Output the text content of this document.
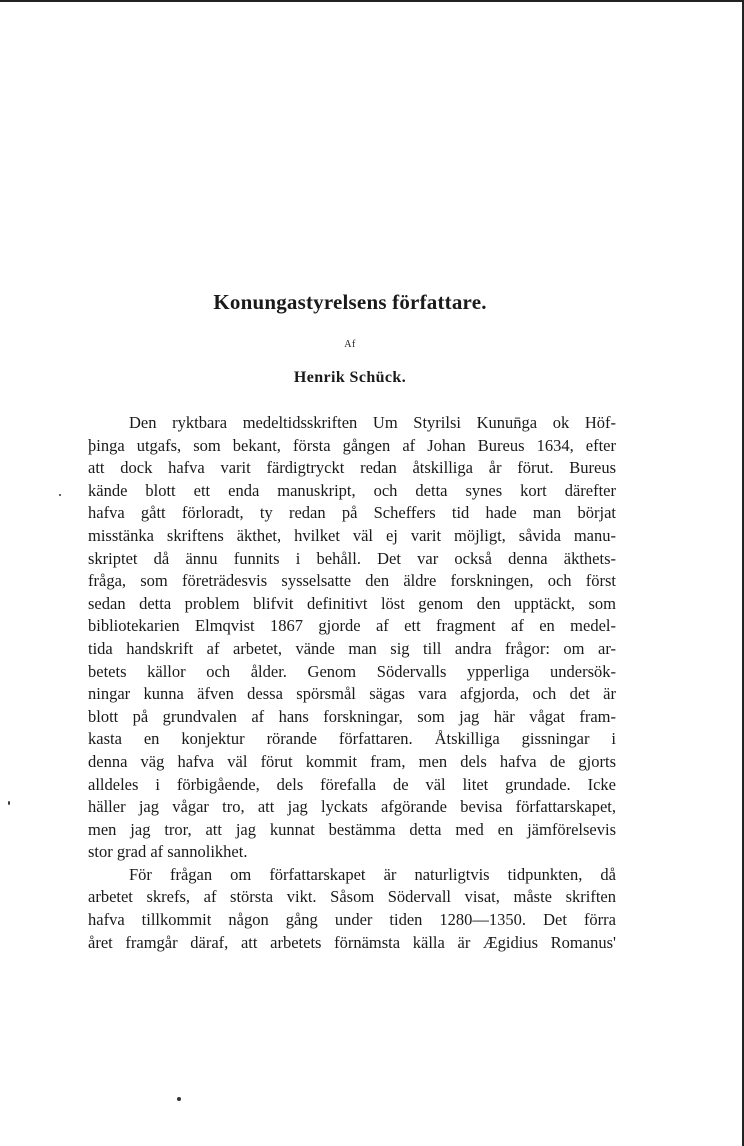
Konungastyrelsens författare.
Af
Henrik Schück.
Den ryktbara medeltidsskriften Um Styrilsi Kunun̄ga ok Höf-
þinga utgafs, som bekant, första gången af Johan Bureus 1634, efter
att dock hafva varit färdigtryckt redan åtskilliga år förut. Bureus
kände blott ett enda manuskript, och detta synes kort därefter
hafva gått förloradt, ty redan på Scheffers tid hade man börjat
misstänka skriftens äkthet, hvilket väl ej varit möjligt, såvida manu-
skriptet då ännu funnits i behåll. Det var också denna äkthets-
fråga, som företrädesvis sysselsatte den äldre forskningen, och först
sedan detta problem blifvit definitivt löst genom den upptäckt, som
bibliotekarien Elmqvist 1867 gjorde af ett fragment af en medel-
tida handskrift af arbetet, vände man sig till andra frågor: om ar-
betets källor och ålder. Genom Södervalls ypperliga undersök-
ningar kunna äfven dessa spörsmål sägas vara afgjorda, och det är
blott på grundvalen af hans forskningar, som jag här vågat fram-
kasta en konjektur rörande författaren. Åtskilliga gissningar i
denna väg hafva väl förut kommit fram, men dels hafva de gjorts
alldeles i förbigående, dels förefalla de väl litet grundade. Icke
häller jag vågar tro, att jag lyckats afgörande bevisa författarskapet,
men jag tror, att jag kunnat bestämma detta med en jämförelsevis
stor grad af sannolikhet.
För frågan om författarskapet är naturligtvis tidpunkten, då
arbetet skrefs, af största vikt. Såsom Södervall visat, måste skriften
hafva tillkommit någon gång under tiden 1280—1350. Det förra
året framgår däraf, att arbetets förnämsta källa är Ægidius Romanus'
